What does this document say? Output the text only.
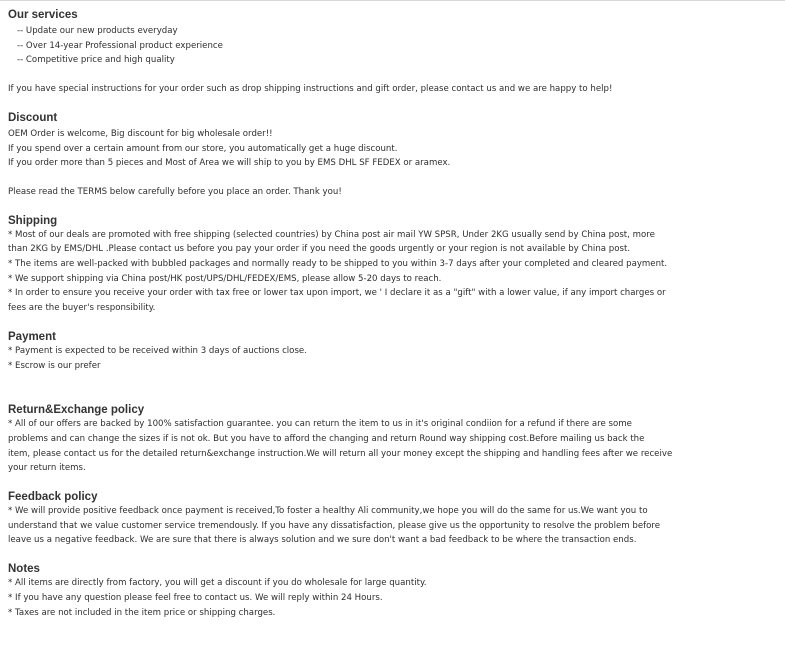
Our services

-- Update our new products everyday

-- Over 14-year Professional product experience

-- Competitive price and high quality

If you have special instructions for your order such as drop shipping instructions and gift order, please contact us and we are happy to help!

Discount

OEM Order is welcome, Big discount for big wholesale order!!

If you spend over a certain amount from our store, you automatically get a huge discount.

If you order more than 5 pieces and Most of Area we will ship to you by EMS DHL SF FEDEX or aramex.

Please read the TERMS below carefully before you place an order. Thank you!

Shipping

* Most of our deals are promoted with free shipping (selected countries) by China post air mail YW SPSR, Under 2KG usually send by China post, more

than 2KG by EMS/DHL .Please contact us before you pay your order if you need the goods urgently or your region is not available by China post.

* The items are well-packed with bubbled packages and normally ready to be shipped to you within 3-7 days after your completed and cleared payment.

* We support shipping via China post/HK post/UPS/DHL/FEDEX/EMS, please allow 5-20 days to reach.

* In order to ensure you receive your order with tax free or lower tax upon import, we ' I declare it as a "gift" with a lower value, if any import charges or

fees are the buyer's responsibility.

Payment

* Payment is expected to be received within 3 days of auctions close.

* Escrow is our prefer

Return&Exchange policy

* All of our offers are backed by 100% satisfaction guarantee. you can return the item to us in it's original condiion for a refund if there are some

problems and can change the sizes if is not ok. But you have to afford the changing and return Round way shipping cost.Before mailing us back the

item, please contact us for the detailed return&exchange instruction.We will return all your money except the shipping and handling fees after we receive

your return items.

Feedback policy

* We will provide positive feedback once payment is received,To foster a healthy Ali community,we hope you will do the same for us.We want you to

understand that we value customer service tremendously. If you have any dissatisfaction, please give us the opportunity to resolve the problem before

leave us a negative feedback. We are sure that there is always solution and we sure don't want a bad feedback to be where the transaction ends.

Notes

* All items are directly from factory, you will get a discount if you do wholesale for large quantity.

* If you have any question please feel free to contact us. We will reply within 24 Hours.

* Taxes are not included in the item price or shipping charges.
